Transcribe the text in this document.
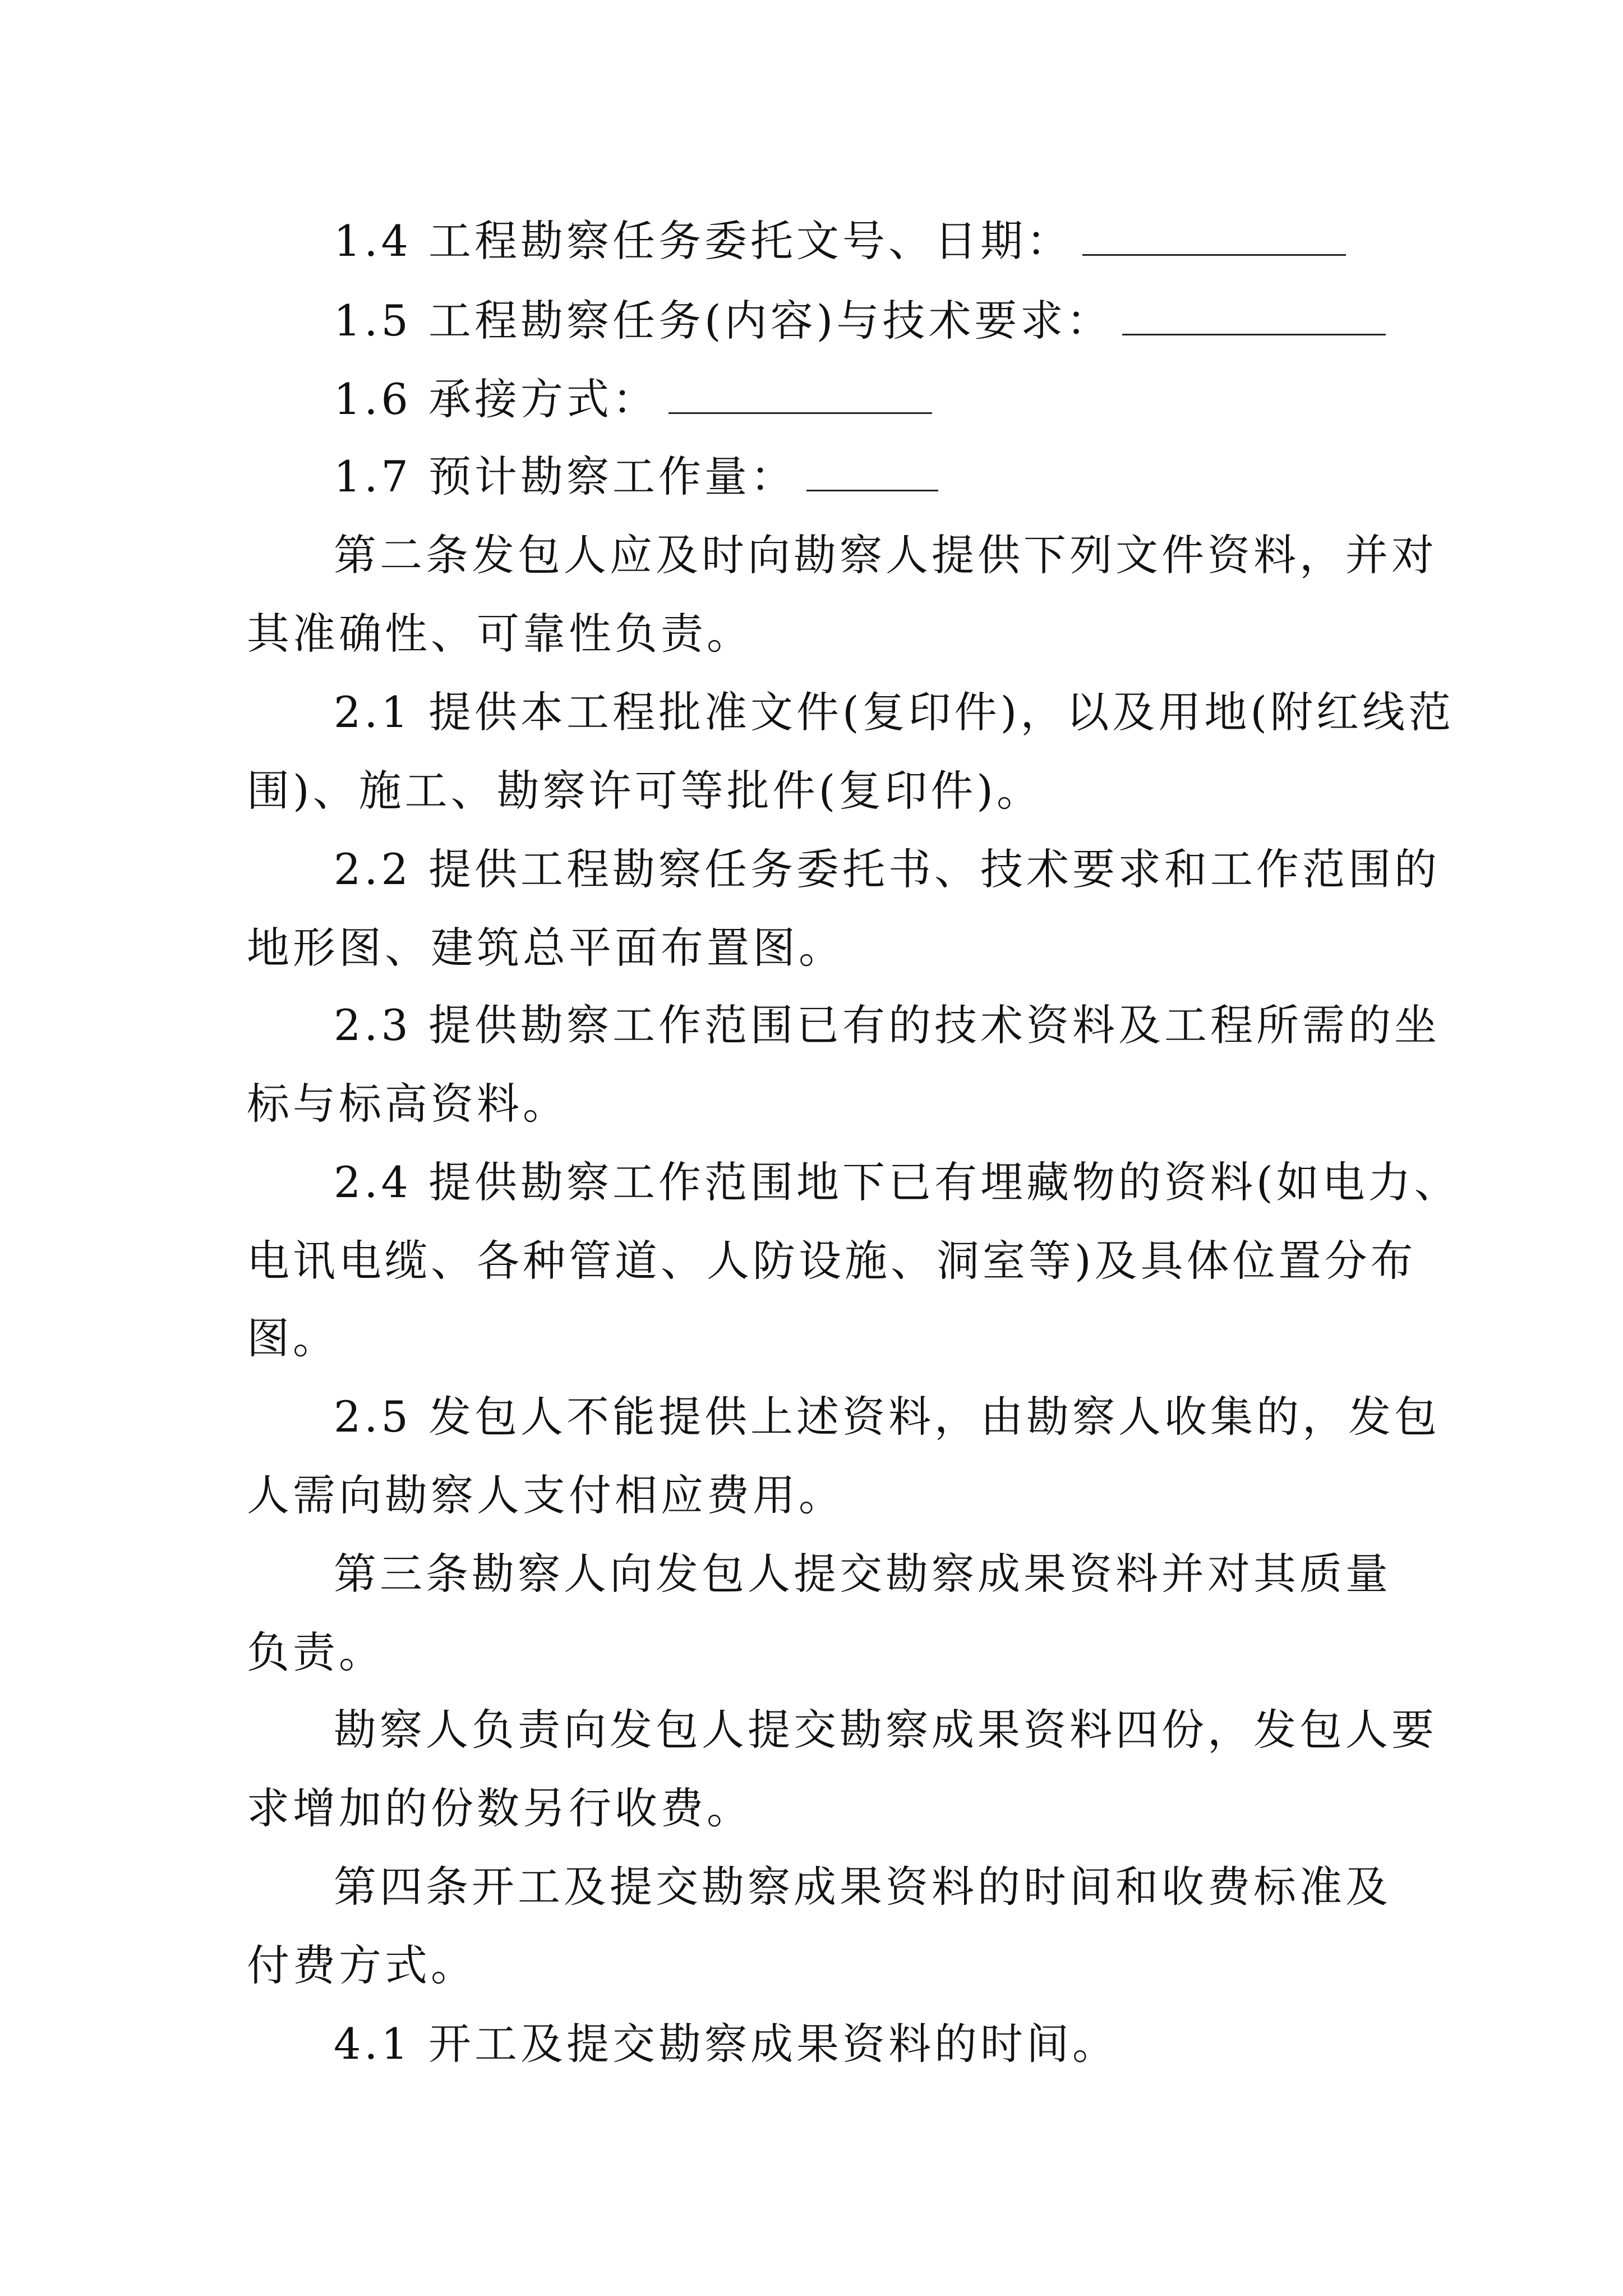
1.4 工程勘察任务委托文号、日期：
1.5 工程勘察任务(内容)与技术要求：
1.6 承接方式：
1.7 预计勘察工作量：
第二条发包人应及时向勘察人提供下列文件资料，并对
其准确性、可靠性负责。
2.1 提供本工程批准文件(复印件)，以及用地(附红线范
围)、施工、勘察许可等批件(复印件)。
2.2 提供工程勘察任务委托书、技术要求和工作范围的
地形图、建筑总平面布置图。
2.3 提供勘察工作范围已有的技术资料及工程所需的坐
标与标高资料。
2.4 提供勘察工作范围地下已有埋藏物的资料(如电力、
电讯电缆、各种管道、人防设施、洞室等)及具体位置分布
图。
2.5 发包人不能提供上述资料，由勘察人收集的，发包
人需向勘察人支付相应费用。
第三条勘察人向发包人提交勘察成果资料并对其质量
负责。
勘察人负责向发包人提交勘察成果资料四份，发包人要
求增加的份数另行收费。
第四条开工及提交勘察成果资料的时间和收费标准及
付费方式。
4.1 开工及提交勘察成果资料的时间。
